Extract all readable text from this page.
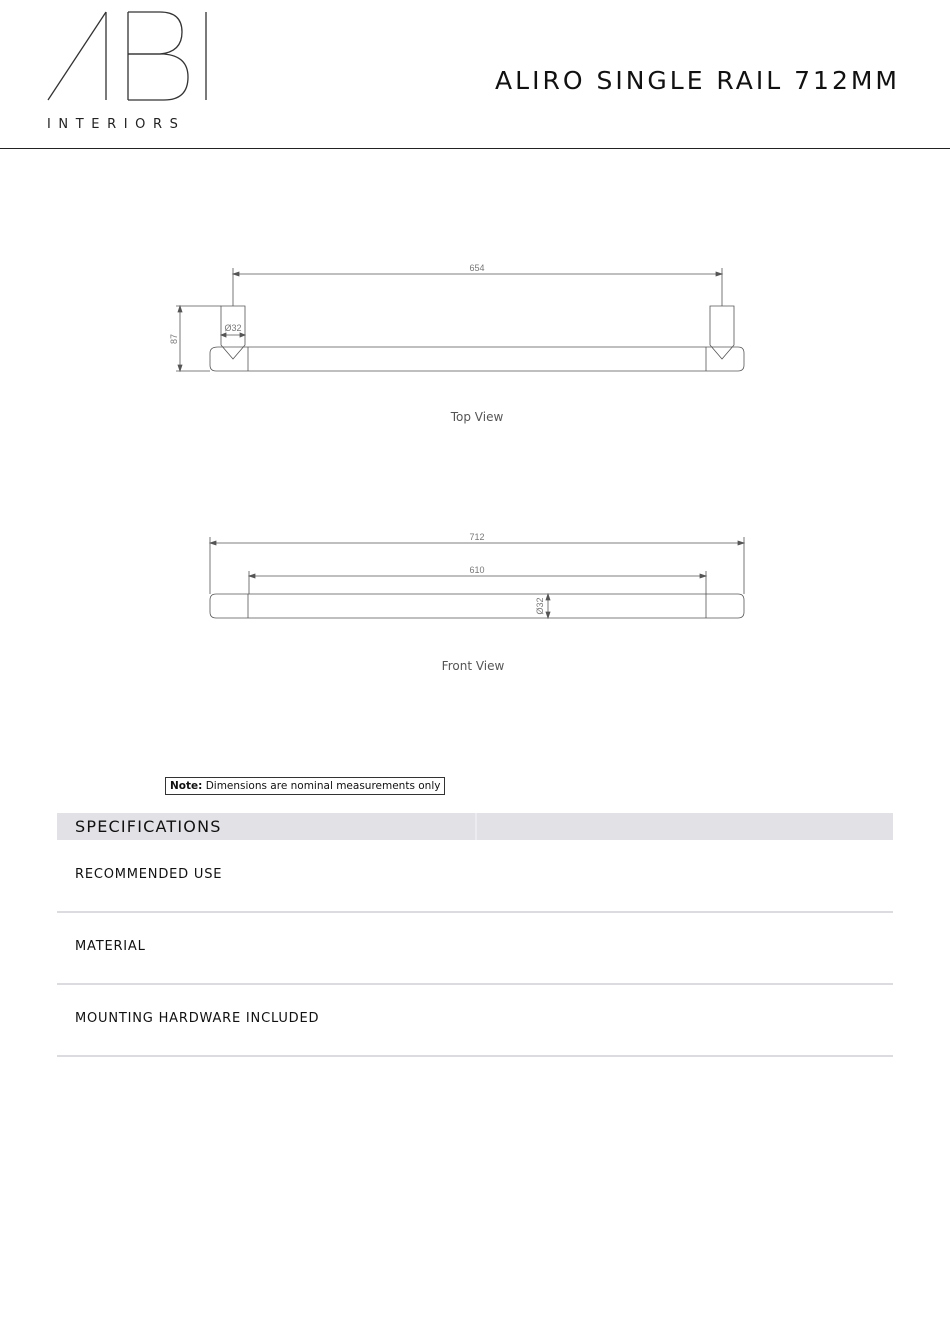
INTERIORS
ALIRO SINGLE RAIL 712MM
654
87
Ø32
Top View
712
610
Ø32
Front View
Note: Dimensions are nominal measurements only
SPECIFICATIONS
RECOMMENDED USE
MATERIAL
MOUNTING HARDWARE INCLUDED
